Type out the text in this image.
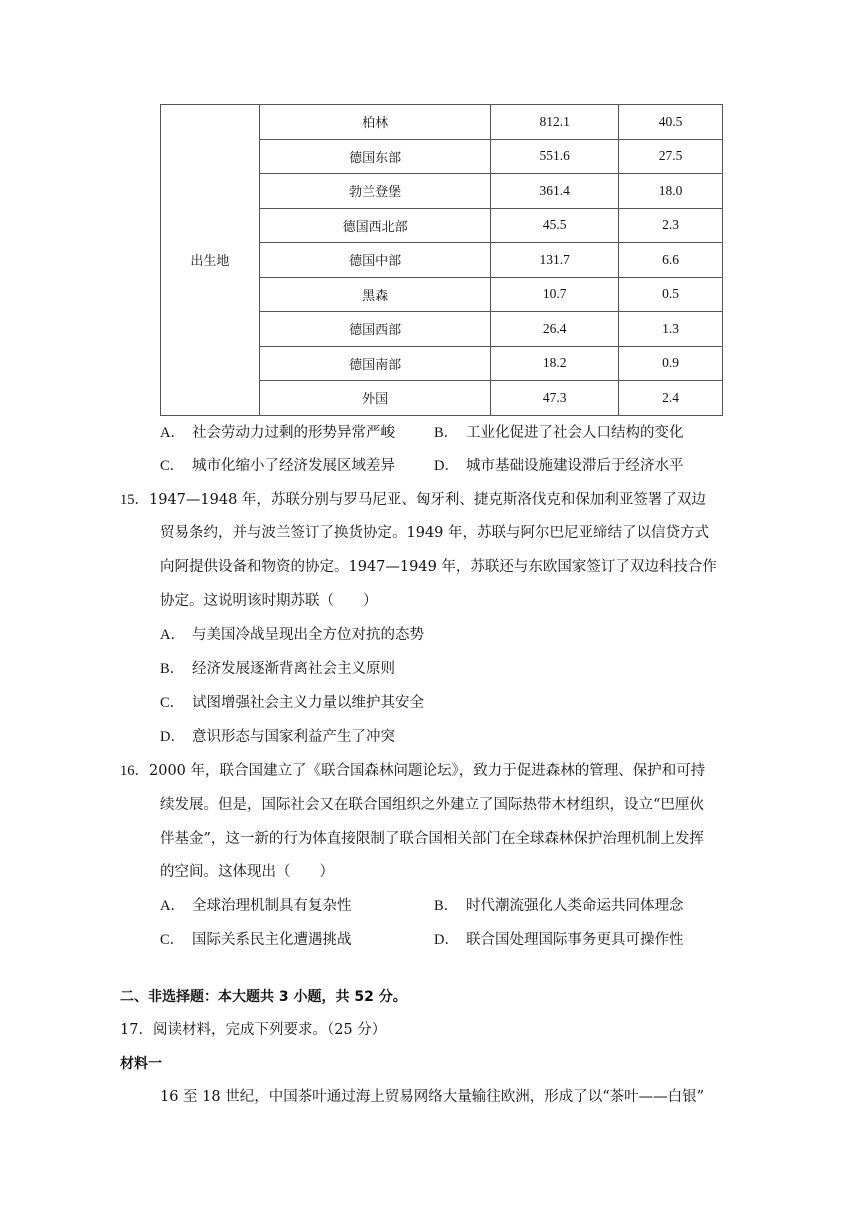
出生地	柏林	812.1	40.5
	德国东部	551.6	27.5
	勃兰登堡	361.4	18.0
	德国西北部	45.5	2.3
	德国中部	131.7	6.6
	黑森	10.7	0.5
	德国西部	26.4	1.3
	德国南部	18.2	0.9
	外国	47.3	2.4
A． 社会劳动力过剩的形势异常严峻	B． 工业化促进了社会人口结构的变化
C． 城市化缩小了经济发展区域差异	D． 城市基础设施建设滞后于经济水平
15．1947—1948 年，苏联分别与罗马尼亚、匈牙利、捷克斯洛伐克和保加利亚签署了双边
贸易条约，并与波兰签订了换货协定。1949 年，苏联与阿尔巴尼亚缔结了以信贷方式
向阿提供设备和物资的协定。1947—1949 年，苏联还与东欧国家签订了双边科技合作
协定。这说明该时期苏联（　　）
A． 与美国冷战呈现出全方位对抗的态势
B． 经济发展逐渐背离社会主义原则
C． 试图增强社会主义力量以维护其安全
D． 意识形态与国家利益产生了冲突
16．2000 年，联合国建立了《联合国森林问题论坛》，致力于促进森林的管理、保护和可持
续发展。但是，国际社会又在联合国组织之外建立了国际热带木材组织，设立“巴厘伙
伴基金”，这一新的行为体直接限制了联合国相关部门在全球森林保护治理机制上发挥
的空间。这体现出（　　）
A． 全球治理机制具有复杂性	B． 时代潮流强化人类命运共同体理念
C． 国际关系民主化遭遇挑战	D． 联合国处理国际事务更具可操作性
二、非选择题：本大题共 3 小题，共 52 分。
17．阅读材料，完成下列要求。（25 分）
材料一
16 至 18 世纪，中国茶叶通过海上贸易网络大量输往欧洲，形成了以“茶叶——白银”
